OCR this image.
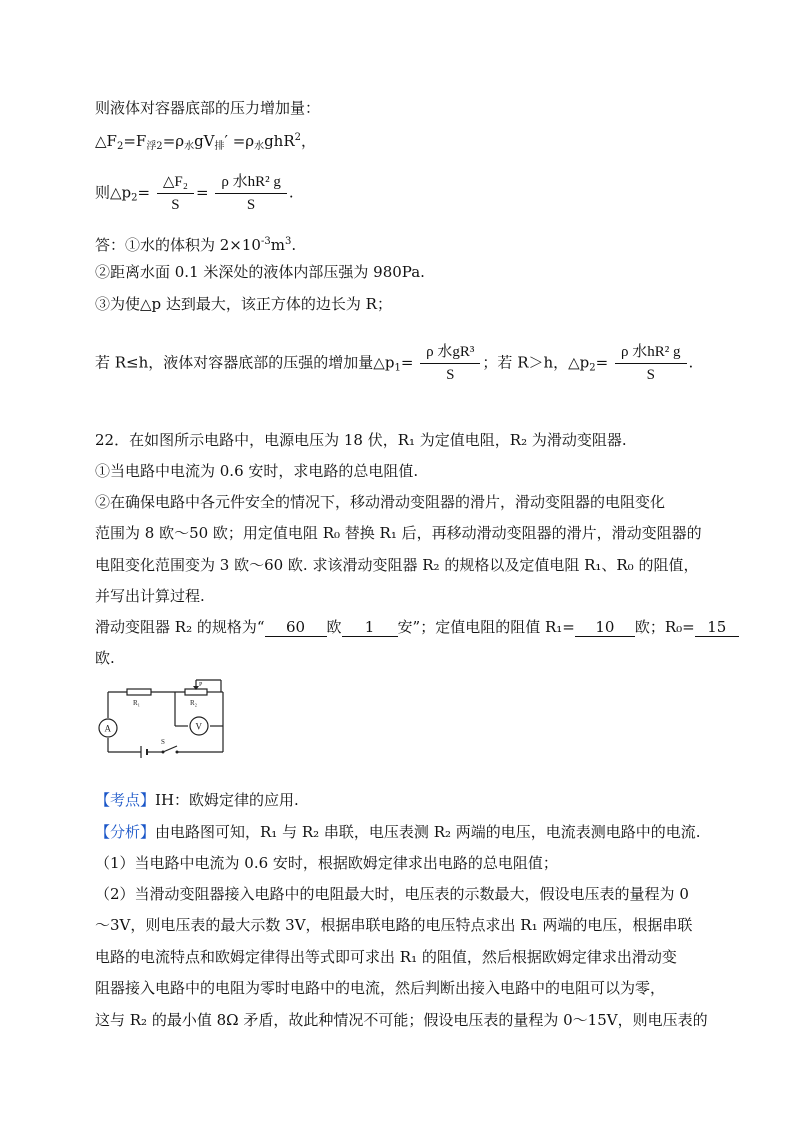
则液体对容器底部的压力增加量：
$\triangle F_2=F_{浮2}=\rho_水gV_排' =\rho_水ghR^2$，
则$\triangle p_2= \frac{\text{△F₂}}{S} = \frac{\text{ρ 水hR² g}}{S}$ .
答：①水的体积为 $2\times 10^{-3}m^3$.
②距离水面 0.1 米深处的液体内部压强为 980Pa.
③为使△p 达到最大，该正方体的边长为 R；
若 R≤h，液体对容器底部的压强的增加量$\triangle p_1= \frac{\text{ρ 水gR³}}{S}$ ；若 R＞h，$\triangle p_2= \frac{\text{ρ 水hR² g}}{S}$ .
22．在如图所示电路中，电源电压为 18 伏，R₁ 为定值电阻，R₂ 为滑动变阻器.
①当电路中电流为 0.6 安时，求电路的总电阻值.
②在确保电路中各元件安全的情况下，移动滑动变阻器的滑片，滑动变阻器的电阻变化
范围为 8 欧～50 欧；用定值电阻 R₀ 替换 R₁ 后，再移动滑动变阻器的滑片，滑动变阻器的
电阻变化范围变为 3 欧～60 欧. 求该滑动变阻器 R₂ 的规格以及定值电阻 R₁、R₀ 的阻值，
并写出计算过程.
滑动变阻器 R₂ 的规格为“ 60 欧 1 安”；定值电阻的阻值 R₁= 10 欧；R₀= 15
欧.
R₁	R₂
P
A	V
S
【考点】IH：欧姆定律的应用.
【分析】由电路图可知，R₁ 与 R₂ 串联，电压表测 R₂ 两端的电压，电流表测电路中的电流.
（1）当电路中电流为 0.6 安时，根据欧姆定律求出电路的总电阻值；
（2）当滑动变阻器接入电路中的电阻最大时，电压表的示数最大，假设电压表的量程为 0
～3V，则电压表的最大示数 3V，根据串联电路的电压特点求出 R₁ 两端的电压，根据串联
电路的电流特点和欧姆定律得出等式即可求出 R₁ 的阻值，然后根据欧姆定律求出滑动变
阻器接入电路中的电阻为零时电路中的电流，然后判断出接入电路中的电阻可以为零，
这与 R₂ 的最小值 8Ω 矛盾，故此种情况不可能；假设电压表的量程为 0～15V，则电压表的
